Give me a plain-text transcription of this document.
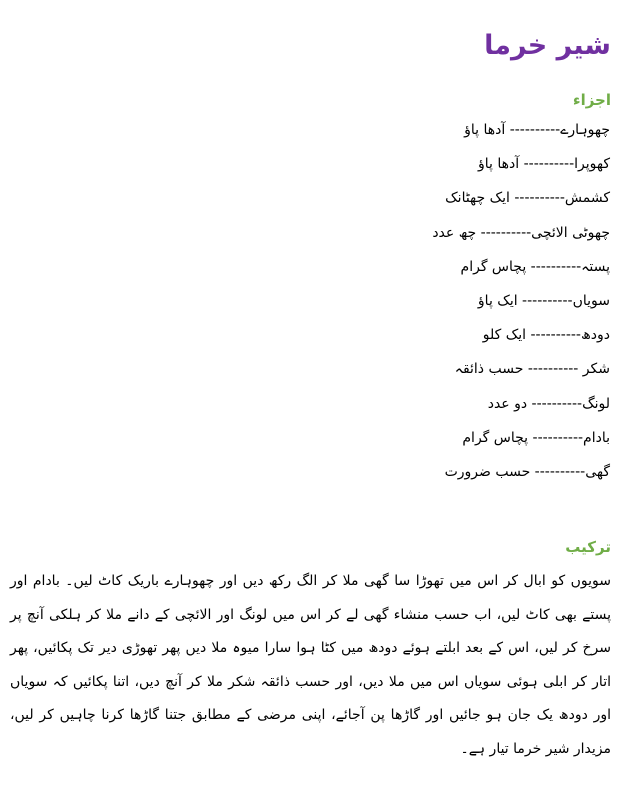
شیر خرما
اجزاء
چھوہارے---------- آدھا پاؤ
کھوپرا---------- آدھا پاؤ
کشمش---------- ایک چھٹانک
چھوٹی الائچی---------- چھ عدد
پستہ---------- پچاس گرام
سویاں---------- ایک پاؤ
دودھ---------- ایک کلو
شکر ---------- حسب ذائقہ
لونگ---------- دو عدد
بادام---------- پچاس گرام
گھی---------- حسب ضرورت
ترکیب

سویوں کو ابال کر اس میں تھوڑا سا گھی ملا کر الگ رکھ دیں اور چھوہارے باریک کاٹ لیں۔ بادام اور پستے بھی کاٹ لیں، اب حسب منشاء گھی لے کر اس میں لونگ اور الائچی کے دانے ملا کر ہلکی آنچ پر سرخ کر لیں، اس کے بعد ابلتے ہوئے دودھ میں کٹا ہوا سارا میوہ ملا دیں پھر تھوڑی دیر تک پکائیں، پھر اتار کر ابلی ہوئی سویاں اس میں ملا دیں، اور حسب ذائقہ شکر ملا کر آنچ دیں، اتنا پکائیں کہ سویاں اور دودھ یک جان ہو جائیں اور گاڑھا پن آجائے، اپنی مرضی کے مطابق جتنا گاڑھا کرنا چاہیں کر لیں، مزیدار شیر خرما تیار ہے۔
